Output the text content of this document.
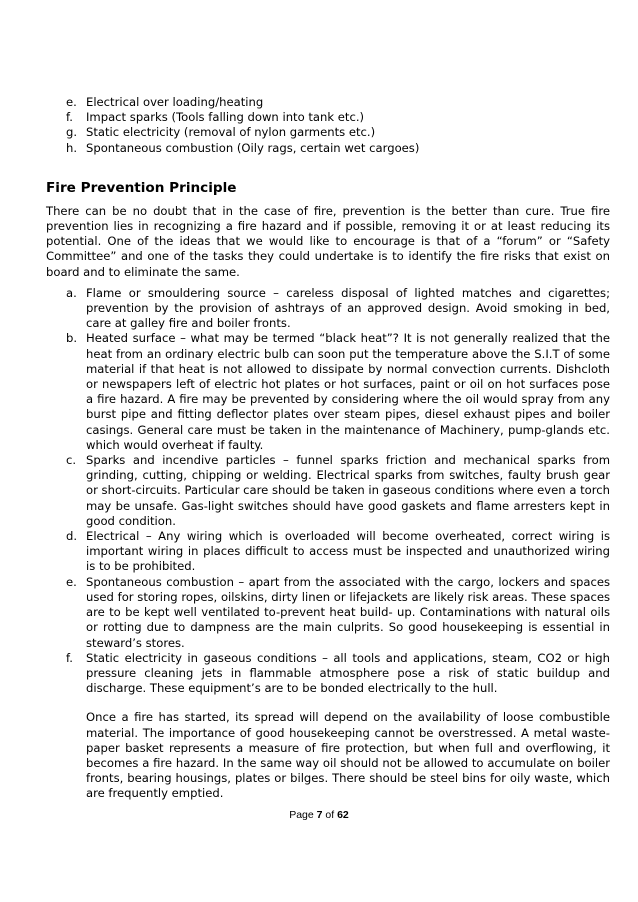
e. Electrical over loading/heating
f. Impact sparks (Tools falling down into tank etc.)
g. Static electricity (removal of nylon garments etc.)
h. Spontaneous combustion (Oily rags, certain wet cargoes)
Fire Prevention Principle

There can be no doubt that in the case of fire, prevention is the better than cure. True fire prevention lies in recognizing a fire hazard and if possible, removing it or at least reducing its potential. One of the ideas that we would like to encourage is that of a “forum” or “Safety Committee” and one of the tasks they could undertake is to identify the fire risks that exist on board and to eliminate the same.

a. Flame or smouldering source – careless disposal of lighted matches and cigarettes; prevention by the provision of ashtrays of an approved design. Avoid smoking in bed, care at galley fire and boiler fronts.
b. Heated surface – what may be termed “black heat”? It is not generally realized that the heat from an ordinary electric bulb can soon put the temperature above the S.I.T of some material if that heat is not allowed to dissipate by normal convection currents. Dishcloth or newspapers left of electric hot plates or hot surfaces, paint or oil on hot surfaces pose a fire hazard. A fire may be prevented by considering where the oil would spray from any burst pipe and fitting deflector plates over steam pipes, diesel exhaust pipes and boiler casings. General care must be taken in the maintenance of Machinery, pump-glands etc. which would overheat if faulty.
c. Sparks and incendive particles – funnel sparks friction and mechanical sparks from grinding, cutting, chipping or welding. Electrical sparks from switches, faulty brush gear or short-circuits. Particular care should be taken in gaseous conditions where even a torch may be unsafe. Gas-light switches should have good gaskets and flame arresters kept in good condition.
d. Electrical – Any wiring which is overloaded will become overheated, correct wiring is important wiring in places difficult to access must be inspected and unauthorized wiring is to be prohibited.
e. Spontaneous combustion – apart from the associated with the cargo, lockers and spaces used for storing ropes, oilskins, dirty linen or lifejackets are likely risk areas. These spaces are to be kept well ventilated to-prevent heat build- up. Contaminations with natural oils or rotting due to dampness are the main culprits. So good housekeeping is essential in steward’s stores.
f. Static electricity in gaseous conditions – all tools and applications, steam, CO2 or high pressure cleaning jets in flammable atmosphere pose a risk of static buildup and discharge. These equipment’s are to be bonded electrically to the hull.

Once a fire has started, its spread will depend on the availability of loose combustible material. The importance of good housekeeping cannot be overstressed. A metal waste-paper basket represents a measure of fire protection, but when full and overflowing, it becomes a fire hazard. In the same way oil should not be allowed to accumulate on boiler fronts, bearing housings, plates or bilges. There should be steel bins for oily waste, which are frequently emptied.

Page 7 of 62
